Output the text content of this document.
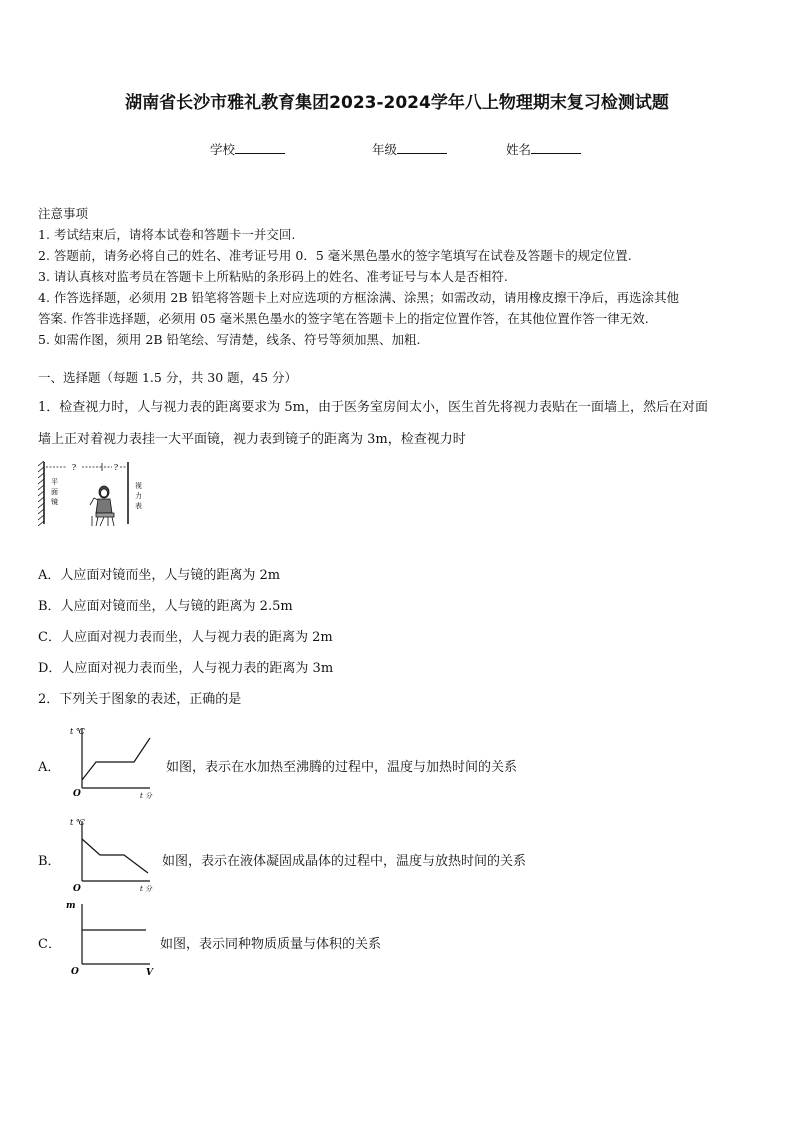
湖南省长沙市雅礼教育集团2023-2024学年八上物理期末复习检测试题
学校	年级	姓名
注意事项
1. 考试结束后，请将本试卷和答题卡一并交回.
2. 答题前，请务必将自己的姓名、准考证号用 0．5 毫米黑色墨水的签字笔填写在试卷及答题卡的规定位置.
3. 请认真核对监考员在答题卡上所粘贴的条形码上的姓名、准考证号与本人是否相符.
4. 作答选择题，必须用 2B 铅笔将答题卡上对应选项的方框涂满、涂黑；如需改动，请用橡皮擦干净后，再选涂其他
答案. 作答非选择题，必须用 05 毫米黑色墨水的签字笔在答题卡上的指定位置作答，在其他位置作答一律无效.
5. 如需作图，须用 2B 铅笔绘、写清楚，线条、符号等须加黑、加粗.
一、选择题（每题 1.5 分，共 30 题，45 分）
1．检查视力时，人与视力表的距离要求为 5m，由于医务室房间太小，医生首先将视力表贴在一面墙上，然后在对面
墙上正对着视力表挂一大平面镜，视力表到镜子的距离为 3m，检查视力时
?	?
平
面
镜
视
力
表
A．人应面对镜而坐，人与镜的距离为 2m
B．人应面对镜而坐，人与镜的距离为 2.5m
C．人应面对视力表而坐，人与视力表的距离为 2m
D．人应面对视力表而坐，人与视力表的距离为 3m
2．下列关于图象的表述，正确的是
A．
t ℃
t 分
O
如图，表示在水加热至沸腾的过程中，温度与加热时间的关系
B．
t ℃
t 分
O
如图，表示在液体凝固成晶体的过程中，温度与放热时间的关系
C．
m
V
O
如图，表示同种物质质量与体积的关系
